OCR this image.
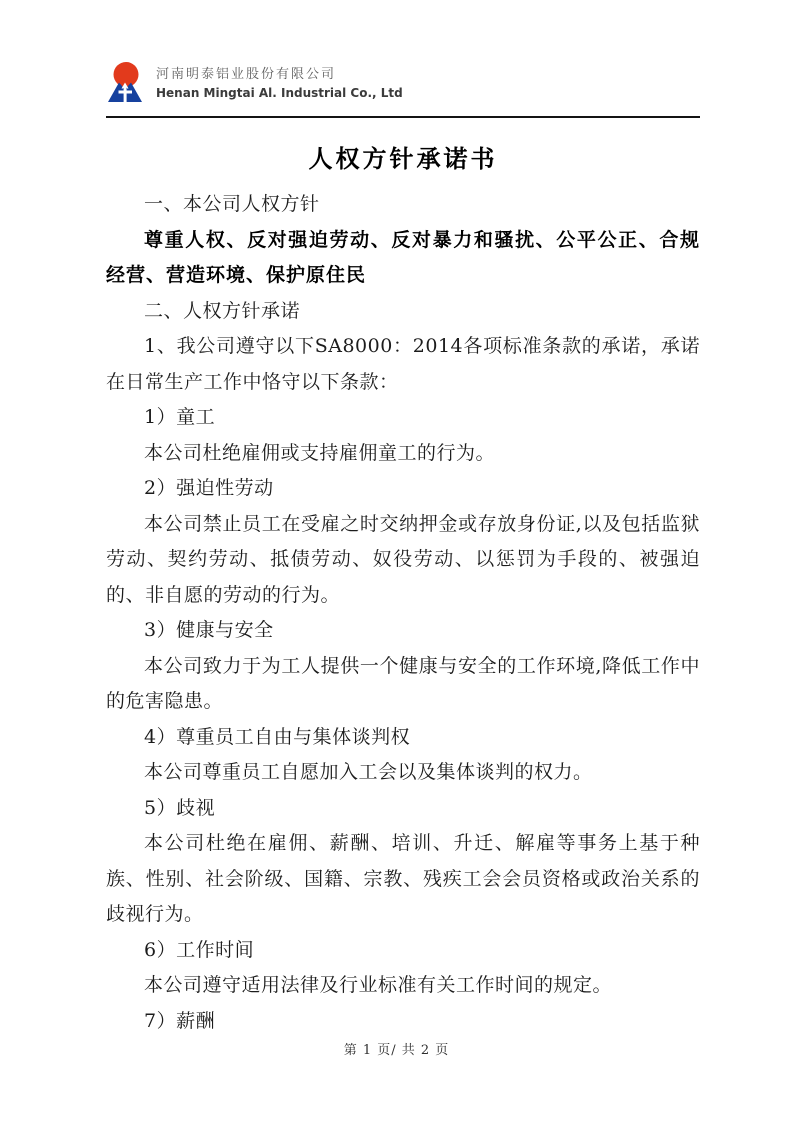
河南明泰铝业股份有限公司
Henan Mingtai Al. Industrial Co., Ltd
人权方针承诺书

一、本公司人权方针

尊重人权、反对强迫劳动、反对暴力和骚扰、公平公正、合规经营、营造环境、保护原住民

二、人权方针承诺

1、我公司遵守以下SA8000：2014各项标准条款的承诺，承诺在日常生产工作中恪守以下条款：

1）童工

本公司杜绝雇佣或支持雇佣童工的行为。

2）强迫性劳动

本公司禁止员工在受雇之时交纳押金或存放身份证,以及包括监狱劳动、契约劳动、抵债劳动、奴役劳动、以惩罚为手段的、被强迫的、非自愿的劳动的行为。

3）健康与安全

本公司致力于为工人提供一个健康与安全的工作环境,降低工作中的危害隐患。

4）尊重员工自由与集体谈判权

本公司尊重员工自愿加入工会以及集体谈判的权力。

5）歧视

本公司杜绝在雇佣、薪酬、培训、升迁、解雇等事务上基于种族、性别、社会阶级、国籍、宗教、残疾工会会员资格或政治关系的歧视行为。

6）工作时间

本公司遵守适用法律及行业标准有关工作时间的规定。

7）薪酬

第 1 页/ 共 2 页
